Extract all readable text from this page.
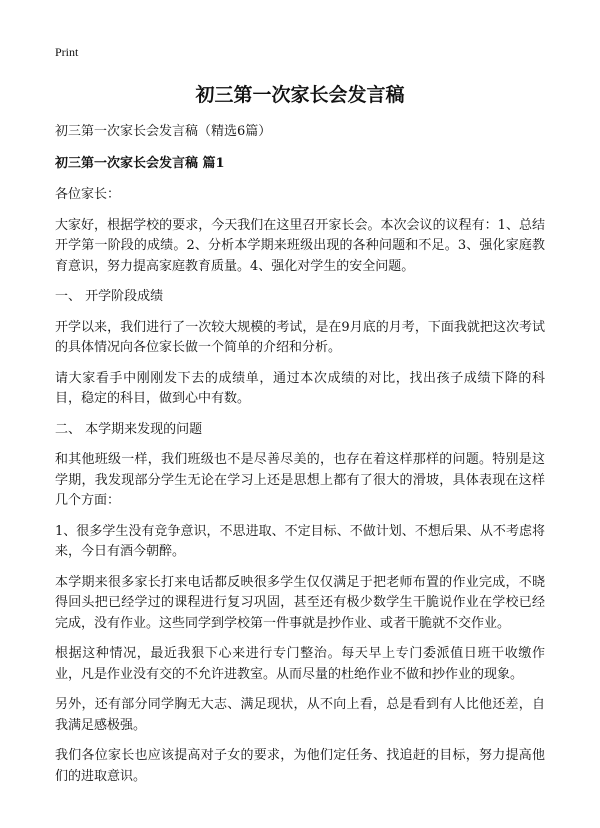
Print

初三第一次家长会发言稿

初三第一次家长会发言稿（精选6篇）

初三第一次家长会发言稿 篇1

各位家长：

大家好，根据学校的要求，今天我们在这里召开家长会。本次会议的议程有：1、总结开学第一阶段的成绩。2、分析本学期来班级出现的各种问题和不足。3、强化家庭教育意识，努力提高家庭教育质量。4、强化对学生的安全问题。

一、 开学阶段成绩

开学以来，我们进行了一次较大规模的考试，是在9月底的月考，下面我就把这次考试的具体情况向各位家长做一个简单的介绍和分析。

请大家看手中刚刚发下去的成绩单，通过本次成绩的对比，找出孩子成绩下降的科目，稳定的科目，做到心中有数。

二、 本学期来发现的问题

和其他班级一样，我们班级也不是尽善尽美的，也存在着这样那样的问题。特别是这学期，我发现部分学生无论在学习上还是思想上都有了很大的滑坡，具体表现在这样几个方面：

1、很多学生没有竞争意识，不思进取、不定目标、不做计划、不想后果、从不考虑将来，今日有酒今朝醉。

本学期来很多家长打来电话都反映很多学生仅仅满足于把老师布置的作业完成，不晓得回头把已经学过的课程进行复习巩固，甚至还有极少数学生干脆说作业在学校已经完成，没有作业。这些同学到学校第一件事就是抄作业、或者干脆就不交作业。

根据这种情况，最近我狠下心来进行专门整治。每天早上专门委派值日班干收缴作业，凡是作业没有交的不允许进教室。从而尽量的杜绝作业不做和抄作业的现象。

另外，还有部分同学胸无大志、满足现状，从不向上看，总是看到有人比他还差，自我满足感极强。

我们各位家长也应该提高对子女的要求，为他们定任务、找追赶的目标，努力提高他们的进取意识。
